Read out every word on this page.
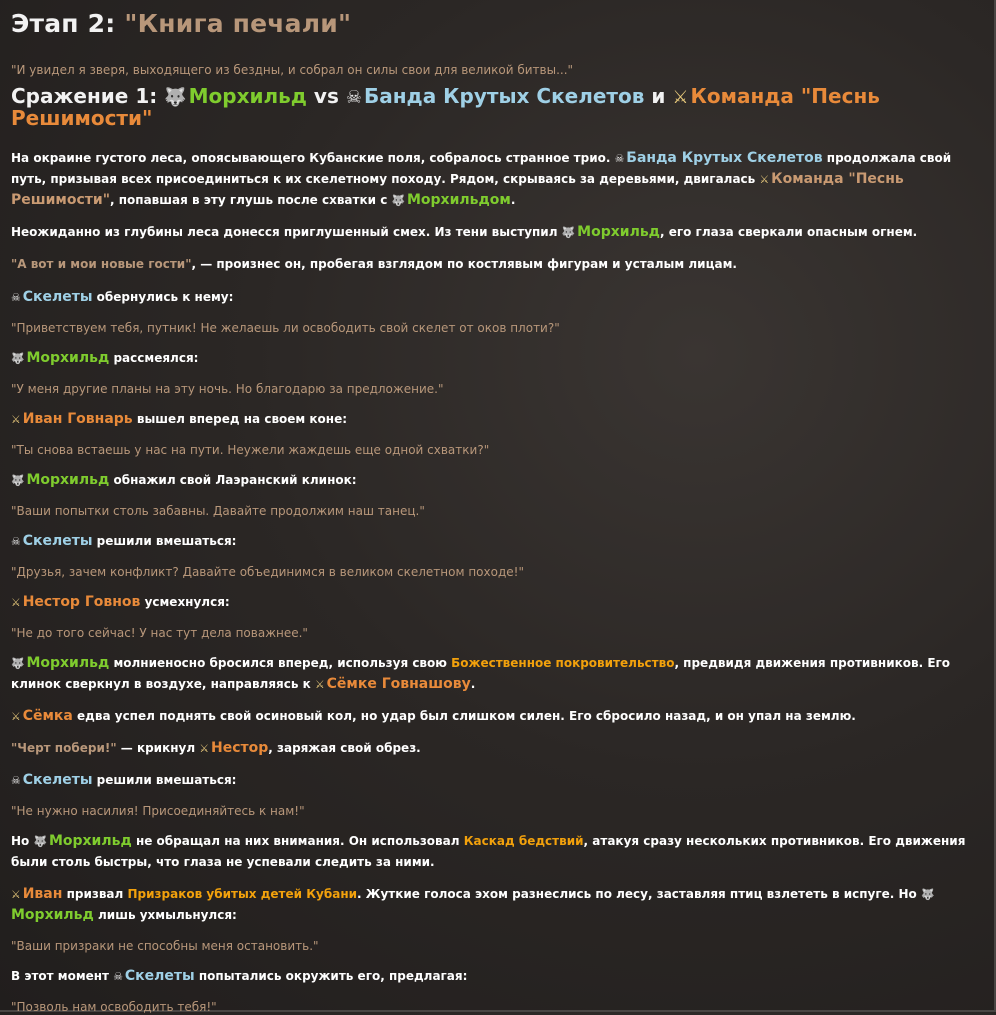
Этап 2: "Книга печали"
"И увидел я зверя, выходящего из бездны, и собрал он силы свои для великой битвы..."
Сражение 1: 🐺 Морхильд vs ☠ Банда Крутых Скелетов и ⚔ Команда "Песнь Решимости"
На окраине густого леса, опоясывающего Кубанские поля, собралось странное трио. ☠ Банда Крутых Скелетов продолжала свой путь, призывая всех присоединиться к их скелетному походу. Рядом, скрываясь за деревьями, двигалась ⚔ Команда "Песнь Решимости", попавшая в эту глушь после схватки с 🐺 Морхильдом.
Неожиданно из глубины леса донесся приглушенный смех. Из тени выступил 🐺 Морхильд, его глаза сверкали опасным огнем.
"А вот и мои новые гости", — произнес он, пробегая взглядом по костлявым фигурам и усталым лицам.
☠ Скелеты обернулись к нему:
"Приветствуем тебя, путник! Не желаешь ли освободить свой скелет от оков плоти?"
🐺 Морхильд рассмеялся:
"У меня другие планы на эту ночь. Но благодарю за предложение."
⚔ Иван Говнарь вышел вперед на своем коне:
"Ты снова встаешь у нас на пути. Неужели жаждешь еще одной схватки?"
🐺 Морхильд обнажил свой Лаэранский клинок:
"Ваши попытки столь забавны. Давайте продолжим наш танец."
☠ Скелеты решили вмешаться:
"Друзья, зачем конфликт? Давайте объединимся в великом скелетном походе!"
⚔ Нестор Говнов усмехнулся:
"Не до того сейчас! У нас тут дела поважнее."
🐺 Морхильд молниеносно бросился вперед, используя свою Божественное покровительство, предвидя движения противников. Его клинок сверкнул в воздухе, направляясь к ⚔ Сёмке Говнашову.
⚔ Сёмка едва успел поднять свой осиновый кол, но удар был слишком силен. Его сбросило назад, и он упал на землю.
"Черт побери!" — крикнул ⚔ Нестор, заряжая свой обрез.
☠ Скелеты решили вмешаться:
"Не нужно насилия! Присоединяйтесь к нам!"
Но 🐺 Морхильд не обращал на них внимания. Он использовал Каскад бедствий, атакуя сразу нескольких противников. Его движения были столь быстры, что глаза не успевали следить за ними.
⚔ Иван призвал Призраков убитых детей Кубани. Жуткие голоса эхом разнеслись по лесу, заставляя птиц взлететь в испуге. Но 🐺Морхильд лишь ухмыльнулся:
"Ваши призраки не способны меня остановить."
В этот момент ☠ Скелеты попытались окружить его, предлагая:
"Позволь нам освободить тебя!"
